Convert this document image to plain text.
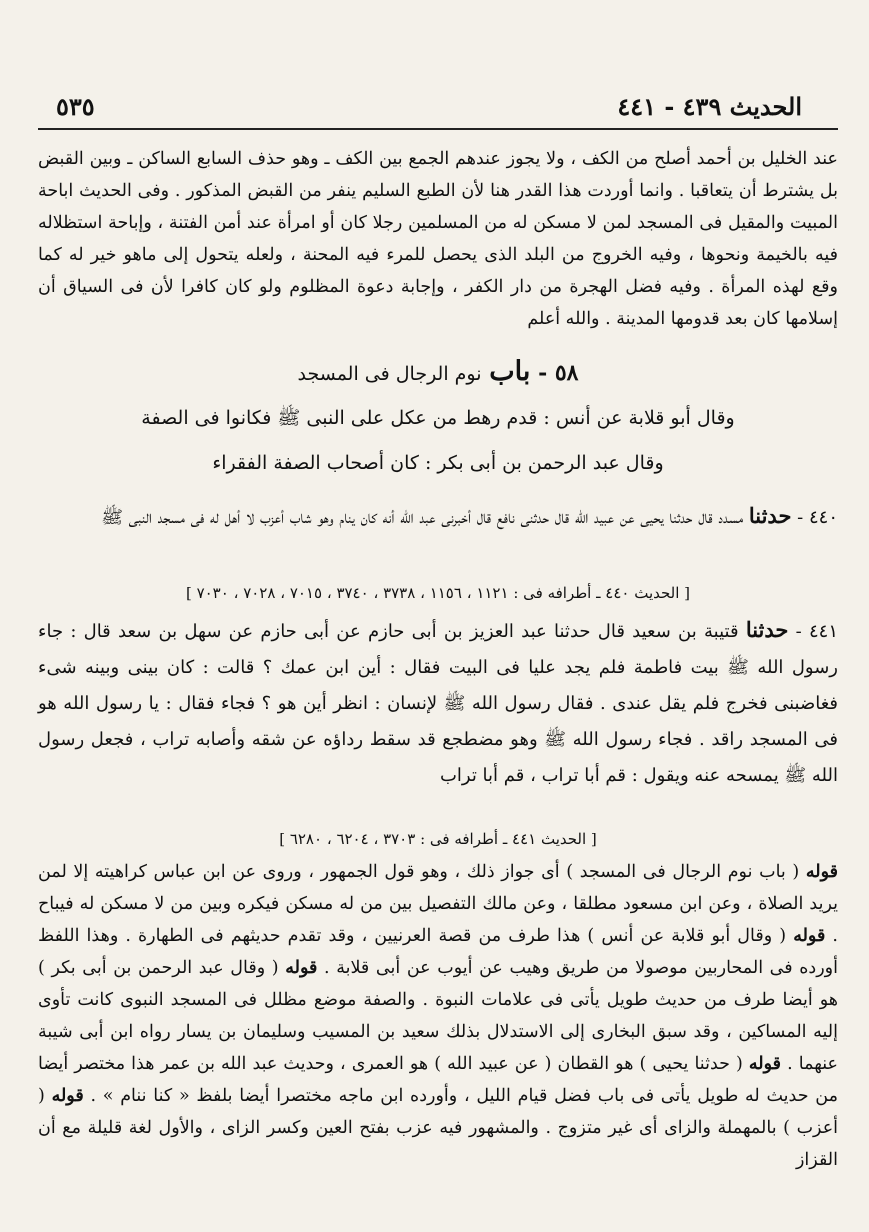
الحديث ٤٣٩ - ٤٤١
٥٣٥

عند الخليل بن أحمد أصلح من الكف ، ولا يجوز عندهم الجمع بين الكف ـ وهو حذف السابع الساكن ـ وبين القبض بل يشترط أن يتعاقبا . وانما أوردت هذا القدر هنا لأن الطبع السليم ينفر من القبض المذكور . وفى الحديث اباحة المبيت والمقيل فى المسجد لمن لا مسكن له من المسلمين رجلا كان أو امرأة عند أمن الفتنة ، وإباحة استظلاله فيه بالخيمة ونحوها ، وفيه الخروج من البلد الذى يحصل للمرء فيه المحنة ، ولعله يتحول إلى ماهو خير له كما وقع لهذه المرأة . وفيه فضل الهجرة من دار الكفر ، وإجابة دعوة المظلوم ولو كان كافرا لأن فى السياق أن إسلامها كان بعد قدومها المدينة . والله أعلم

٥٨ - باب نوم الرجال فى المسجد
وقال أبو قلابة عن أنس : قدم رهط من عكل على النبى ﷺ فكانوا فى الصفة
وقال عبد الرحمن بن أبى بكر : كان أصحاب الصفة الفقراء
٤٤٠ - حدثنا مسدد قال حدثنا يحيى عن عبيد الله قال حدثنى نافع قال أخبرنى عبد الله أنه كان ينام وهو شاب أعزب لا أهل له فى مسجد النبى ﷺ
[ الحديث ٤٤٠ ـ أطرافه فى : ١١٢١ ، ١١٥٦ ، ٣٧٣٨ ، ٣٧٤٠ ، ٧٠١٥ ، ٧٠٢٨ ، ٧٠٣٠ ]
٤٤١ - حدثنا قتيبة بن سعيد قال حدثنا عبد العزيز بن أبى حازم عن أبى حازم عن سهل بن سعد قال : جاء رسول الله ﷺ بيت فاطمة فلم يجد عليا فى البيت فقال : أين ابن عمك ؟ قالت : كان بينى وبينه شىء فغاضبنى فخرج فلم يقل عندى . فقال رسول الله ﷺ لإنسان : انظر أين هو ؟ فجاء فقال : يا رسول الله هو فى المسجد راقد . فجاء رسول الله ﷺ وهو مضطجع قد سقط رداؤه عن شقه وأصابه تراب ، فجعل رسول الله ﷺ يمسحه عنه ويقول : قم أبا تراب ، قم أبا تراب
[ الحديث ٤٤١ ـ أطرافه فى : ٣٧٠٣ ، ٦٢٠٤ ، ٦٢٨٠ ]

قوله ( باب نوم الرجال فى المسجد ) أى جواز ذلك ، وهو قول الجمهور ، وروى عن ابن عباس كراهيته إلا لمن يريد الصلاة ، وعن ابن مسعود مطلقا ، وعن مالك التفصيل بين من له مسكن فيكره وبين من لا مسكن له فيباح . قوله ( وقال أبو قلابة عن أنس ) هذا طرف من قصة العرنيين ، وقد تقدم حديثهم فى الطهارة . وهذا اللفظ أورده فى المحاربين موصولا من طريق وهيب عن أيوب عن أبى قلابة . قوله ( وقال عبد الرحمن بن أبى بكر ) هو أيضا طرف من حديث طويل يأتى فى علامات النبوة . والصفة موضع مظلل فى المسجد النبوى كانت تأوى إليه المساكين ، وقد سبق البخارى إلى الاستدلال بذلك سعيد بن المسيب وسليمان بن يسار رواه ابن أبى شيبة عنهما . قوله ( حدثنا يحيى ) هو القطان ( عن عبيد الله ) هو العمرى ، وحديث عبد الله بن عمر هذا مختصر أيضا من حديث له طويل يأتى فى باب فضل قيام الليل ، وأورده ابن ماجه مختصرا أيضا بلفظ « كنا ننام » . قوله ( أعزب ) بالمهملة والزاى أى غير متزوج . والمشهور فيه عزب بفتح العين وكسر الزاى ، والأول لغة قليلة مع أن القزاز
